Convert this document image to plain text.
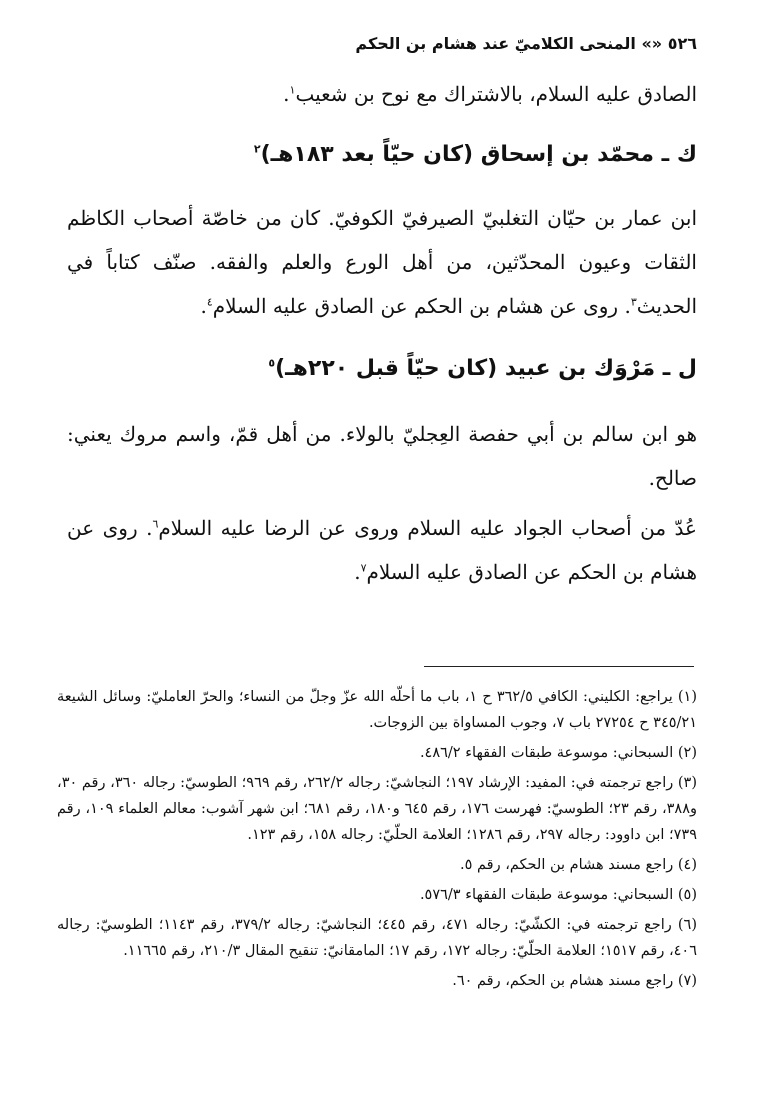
٥٢٦ «» المنحى الكلاميّ عند هشام بن الحكم

الصادق عليه السلام، بالاشتراك مع نوح بن شعيب$^١$.

ك ـ محمّد بن إسحاق (كان حيّاً بعد ١٨٣هـ)$^٢$

ابن عمار بن حيّان التغلبيّ الصيرفيّ الكوفيّ. كان من خاصّة أصحاب الكاظم الثقات وعيون المحدّثين، من أهل الورع والعلم والفقه. صنّف كتاباً في الحديث$^٣$. روى عن هشام بن الحكم عن الصادق عليه السلام$^٤$.

ل ـ مَرْوَك بن عبيد (كان حيّاً قبل ٢٢٠هـ)$^٥$

هو ابن سالم بن أبي حفصة العِجليّ بالولاء. من أهل قمّ، واسم مروك يعني: صالح.

عُدّ من أصحاب الجواد عليه السلام وروى عن الرضا عليه السلام$^٦$. روى عن هشام بن الحكم عن الصادق عليه السلام$^٧$.

(١) يراجع: الكليني: الكافي ٣٦٢/٥ ح ١، باب ما أحلّه الله عزّ وجلّ من النساء؛ والحرّ العامليّ: وسائل الشيعة ٣٤٥/٢١ ح ٢٧٢٥٤ باب ٧، وجوب المساواة بين الزوجات.

(٢) السبحاني: موسوعة طبقات الفقهاء ٤٨٦/٢.

(٣) راجع ترجمته في: المفيد: الإرشاد ١٩٧؛ النجاشيّ: رجاله ٢٦٢/٢، رقم ٩٦٩؛ الطوسيّ: رجاله ٣٦٠، رقم ٣٠، و٣٨٨، رقم ٢٣؛ الطوسيّ: فهرست ١٧٦، رقم ٦٤٥ و١٨٠، رقم ٦٨١؛ ابن شهر آشوب: معالم العلماء ١٠٩، رقم ٧٣٩؛ ابن داوود: رجاله ٢٩٧، رقم ١٢٨٦؛ العلامة الحلّيّ: رجاله ١٥٨، رقم ١٢٣.

(٤) راجع مسند هشام بن الحكم، رقم ٥.

(٥) السبحاني: موسوعة طبقات الفقهاء ٥٧٦/٣.

(٦) راجع ترجمته في: الكشّيّ: رجاله ٤٧١، رقم ٤٤٥؛ النجاشيّ: رجاله ٣٧٩/٢، رقم ١١٤٣؛ الطوسيّ: رجاله ٤٠٦، رقم ١٥١٧؛ العلامة الحلّيّ: رجاله ١٧٢، رقم ١٧؛ المامقانيّ: تنقيح المقال ٢١٠/٣، رقم ١١٦٦٥.

(٧) راجع مسند هشام بن الحكم، رقم ٦٠.
